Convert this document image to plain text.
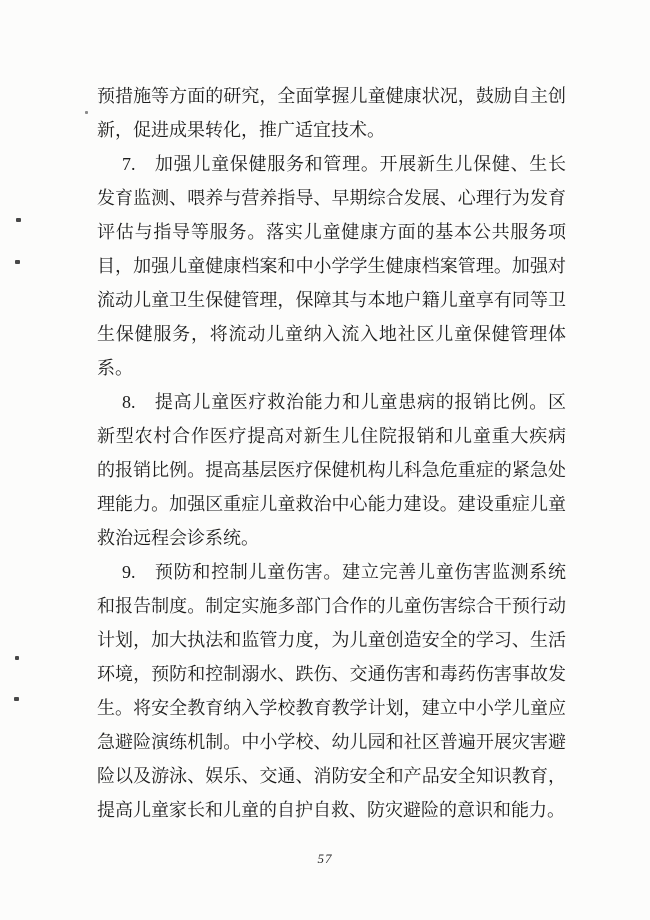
预措施等方面的研究，全面掌握儿童健康状况，鼓励自主创
新，促进成果转化，推广适宜技术。
7.　加强儿童保健服务和管理。开展新生儿保健、生长
发育监测、喂养与营养指导、早期综合发展、心理行为发育
评估与指导等服务。落实儿童健康方面的基本公共服务项
目，加强儿童健康档案和中小学学生健康档案管理。加强对
流动儿童卫生保健管理，保障其与本地户籍儿童享有同等卫
生保健服务，将流动儿童纳入流入地社区儿童保健管理体
系。
8.　提高儿童医疗救治能力和儿童患病的报销比例。区
新型农村合作医疗提高对新生儿住院报销和儿童重大疾病
的报销比例。提高基层医疗保健机构儿科急危重症的紧急处
理能力。加强区重症儿童救治中心能力建设。建设重症儿童
救治远程会诊系统。
9.　预防和控制儿童伤害。建立完善儿童伤害监测系统
和报告制度。制定实施多部门合作的儿童伤害综合干预行动
计划，加大执法和监管力度，为儿童创造安全的学习、生活
环境，预防和控制溺水、跌伤、交通伤害和毒药伤害事故发
生。将安全教育纳入学校教育教学计划，建立中小学儿童应
急避险演练机制。中小学校、幼儿园和社区普遍开展灾害避
险以及游泳、娱乐、交通、消防安全和产品安全知识教育，
提高儿童家长和儿童的自护自救、防灾避险的意识和能力。
57
